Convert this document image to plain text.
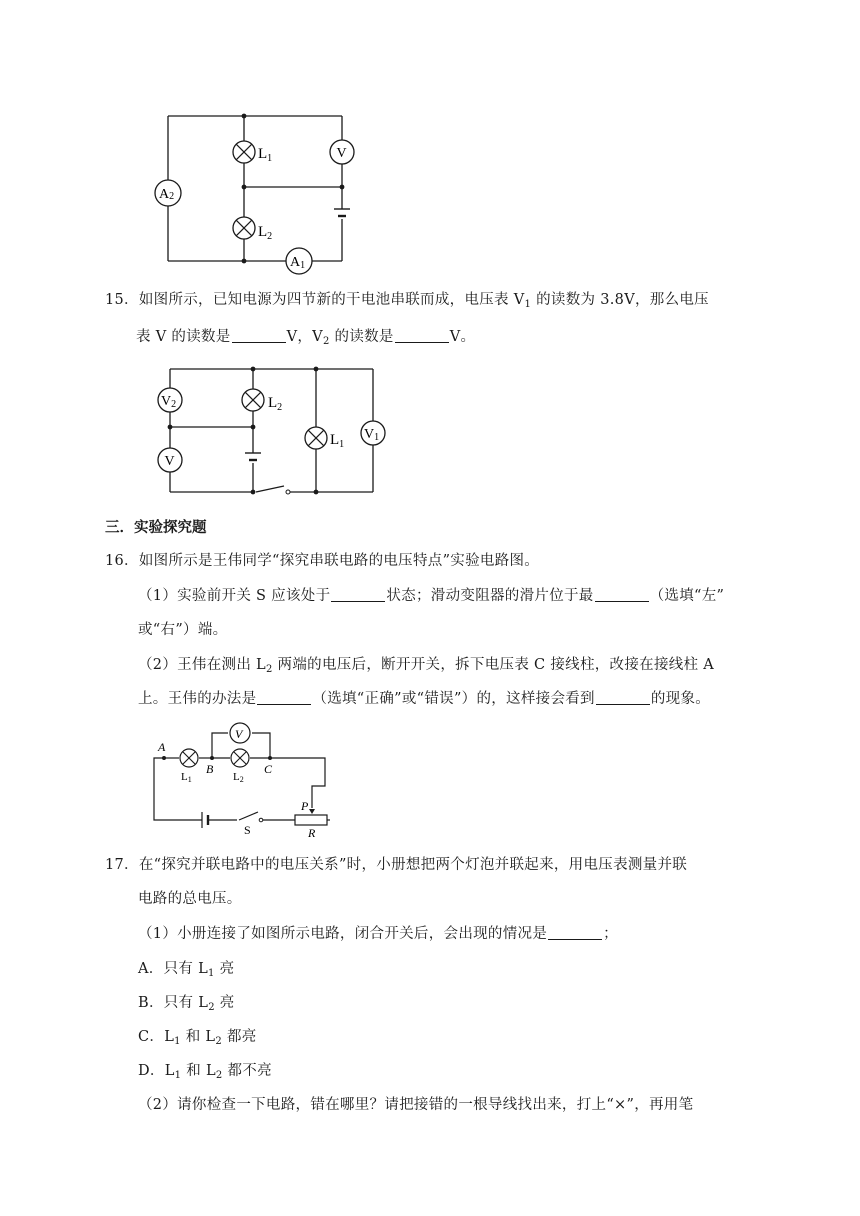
$L_1$
$L_2$
V
A2
A1
15．如图所示，已知电源为四节新的干电池串联而成，电压表 $V_1$ 的读数为 3.8V，那么电压
表 V 的读数是	V，$V_2$ 的读数是	V。
V2
V
$L_2$
$L_1$
V1
三．实验探究题
16．如图所示是王伟同学“探究串联电路的电压特点”实验电路图。
（1）实验前开关 S 应该处于	状态；滑动变阻器的滑片位于最	（选填“左”
或“右”）端。
（2）王伟在测出 $L_2$ 两端的电压后，断开开关，拆下电压表 C 接线柱，改接在接线柱 A
上。王伟的办法是	（选填“正确”或“错误”）的，这样接会看到	的现象。
V
A
B	C
L1	L2
S
P
R
17．在“探究并联电路中的电压关系”时，小册想把两个灯泡并联起来，用电压表测量并联
电路的总电压。
（1）小册连接了如图所示电路，闭合开关后，会出现的情况是	；
A．只有 $L_1$ 亮
B．只有 $L_2$ 亮
C．$L_1$ 和 $L_2$ 都亮
D．$L_1$ 和 $L_2$ 都不亮
（2）请你检查一下电路，错在哪里？请把接错的一根导线找出来，打上“×”，再用笔
